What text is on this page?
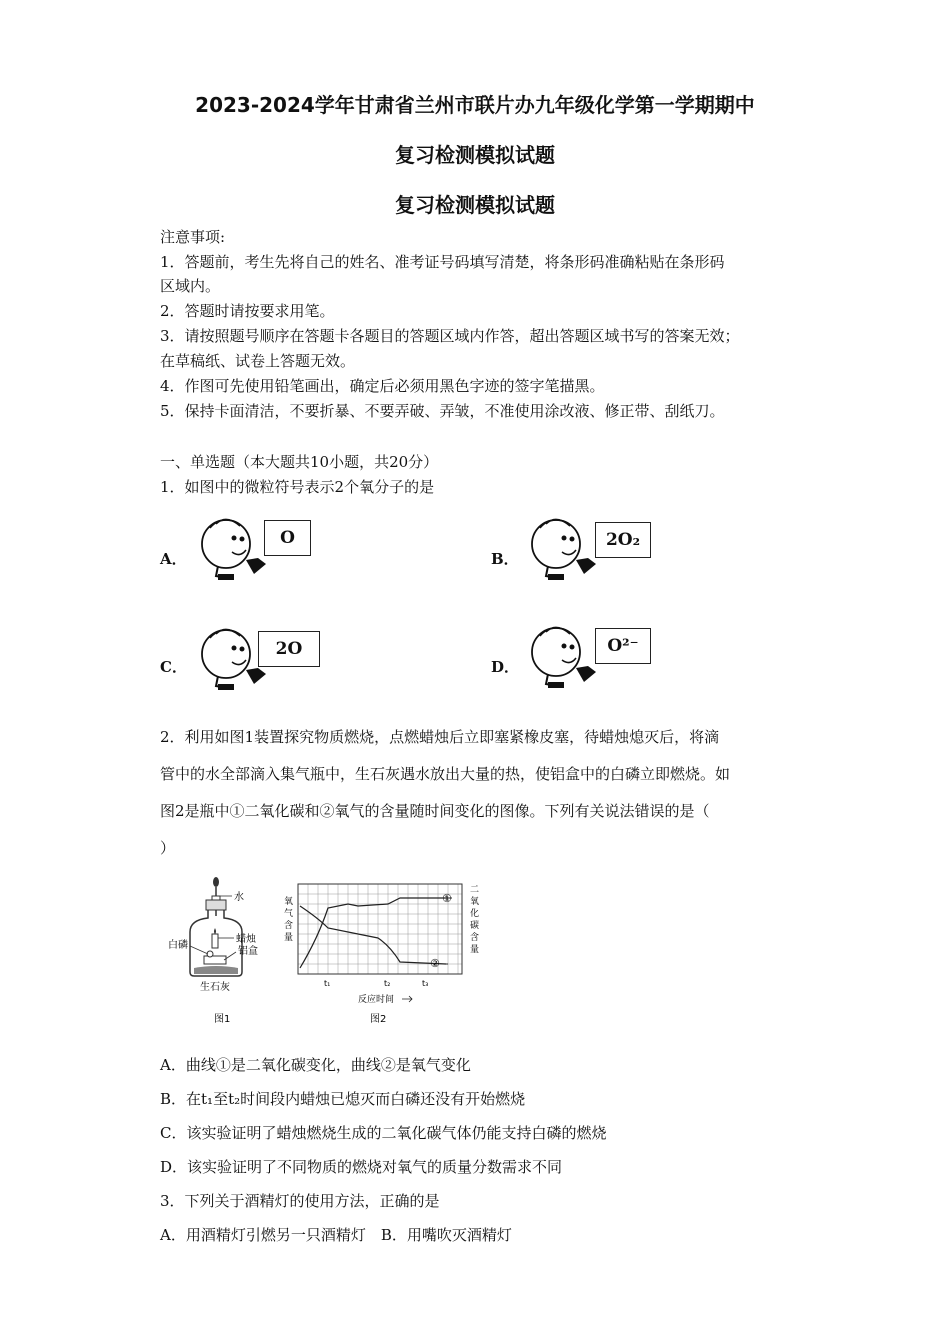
2023-2024学年甘肃省兰州市联片办九年级化学第一学期期中
复习检测模拟试题
复习检测模拟试题
注意事项:
1．答题前，考生先将自己的姓名、准考证号码填写清楚，将条形码准确粘贴在条形码
区域内。
2．答题时请按要求用笔。
3．请按照题号顺序在答题卡各题目的答题区域内作答，超出答题区域书写的答案无效；
在草稿纸、试卷上答题无效。
4．作图可先使用铅笔画出，确定后必须用黑色字迹的签字笔描黑。
5．保持卡面清洁，不要折暴、不要弄破、弄皱，不准使用涂改液、修正带、刮纸刀。
一、单选题（本大题共10小题，共20分）
1．如图中的微粒符号表示2个氧分子的是
A．
O
B．
2O₂
C．
2O
D．
O²⁻
2．利用如图1装置探究物质燃烧，点燃蜡烛后立即塞紧橡皮塞，待蜡烛熄灭后，将滴
管中的水全部滴入集气瓶中，生石灰遇水放出大量的热，使铝盒中的白磷立即燃烧。如
图2是瓶中①二氧化碳和②氧气的含量随时间变化的图像。下列有关说法错误的是（
）
水
蜡烛
铝盒
白磷
生石灰
图1
①
②
氧气含量
二氧化碳含量
t₁	t₂	t₃
反应时间
图2
A．曲线①是二氧化碳变化，曲线②是氧气变化
B．在t₁至t₂时间段内蜡烛已熄灭而白磷还没有开始燃烧
C．该实验证明了蜡烛燃烧生成的二氧化碳气体仍能支持白磷的燃烧
D．该实验证明了不同物质的燃烧对氧气的质量分数需求不同
3．下列关于酒精灯的使用方法，正确的是
A．用酒精灯引燃另一只酒精灯　B．用嘴吹灭酒精灯
